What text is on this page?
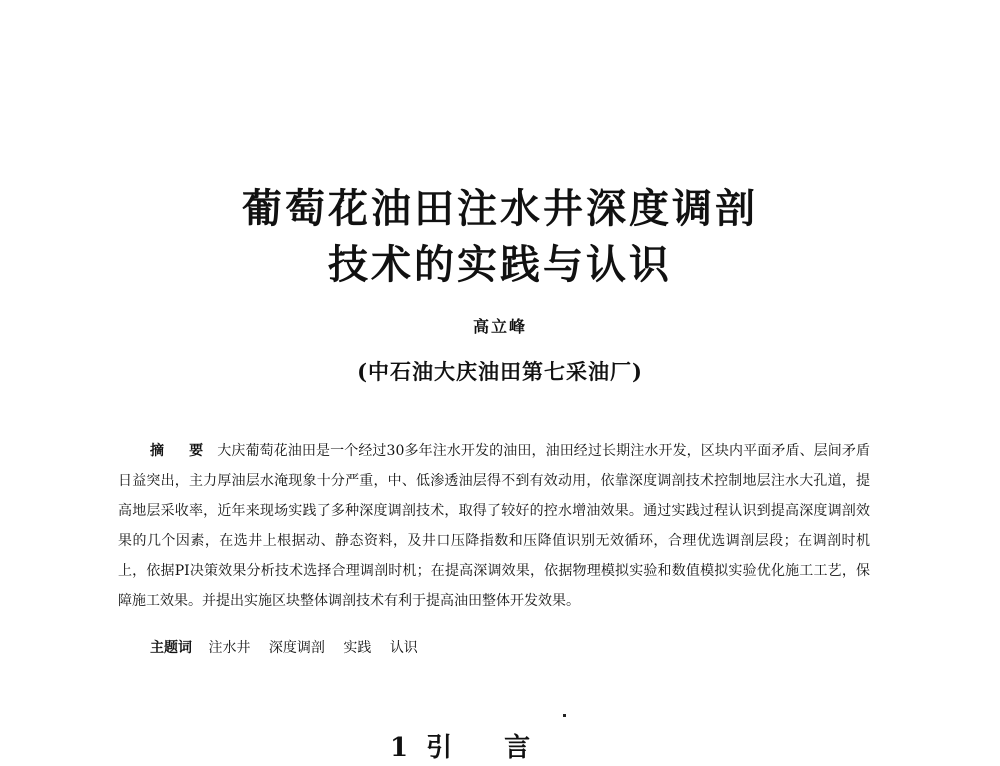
葡萄花油田注水井深度调剖
技术的实践与认识
高立峰
(中石油大庆油田第七采油厂)
摘 要 大庆葡萄花油田是一个经过30多年注水开发的油田，油田经过长期注水开发，区块内平面矛盾、层间矛盾日益突出，主力厚油层水淹现象十分严重，中、低渗透油层得不到有效动用，依靠深度调剖技术控制地层注水大孔道，提高地层采收率，近年来现场实践了多种深度调剖技术，取得了较好的控水增油效果。通过实践过程认识到提高深度调剖效果的几个因素，在选井上根据动、静态资料，及井口压降指数和压降值识别无效循环，合理优选调剖层段；在调剖时机上，依据PI决策效果分析技术选择合理调剖时机；在提高深调效果，依据物理模拟实验和数值模拟实验优化施工工艺，保障施工效果。并提出实施区块整体调剖技术有利于提高油田整体开发效果。
主题词 注水井 深度调剖 实践 认识
1 引 言
